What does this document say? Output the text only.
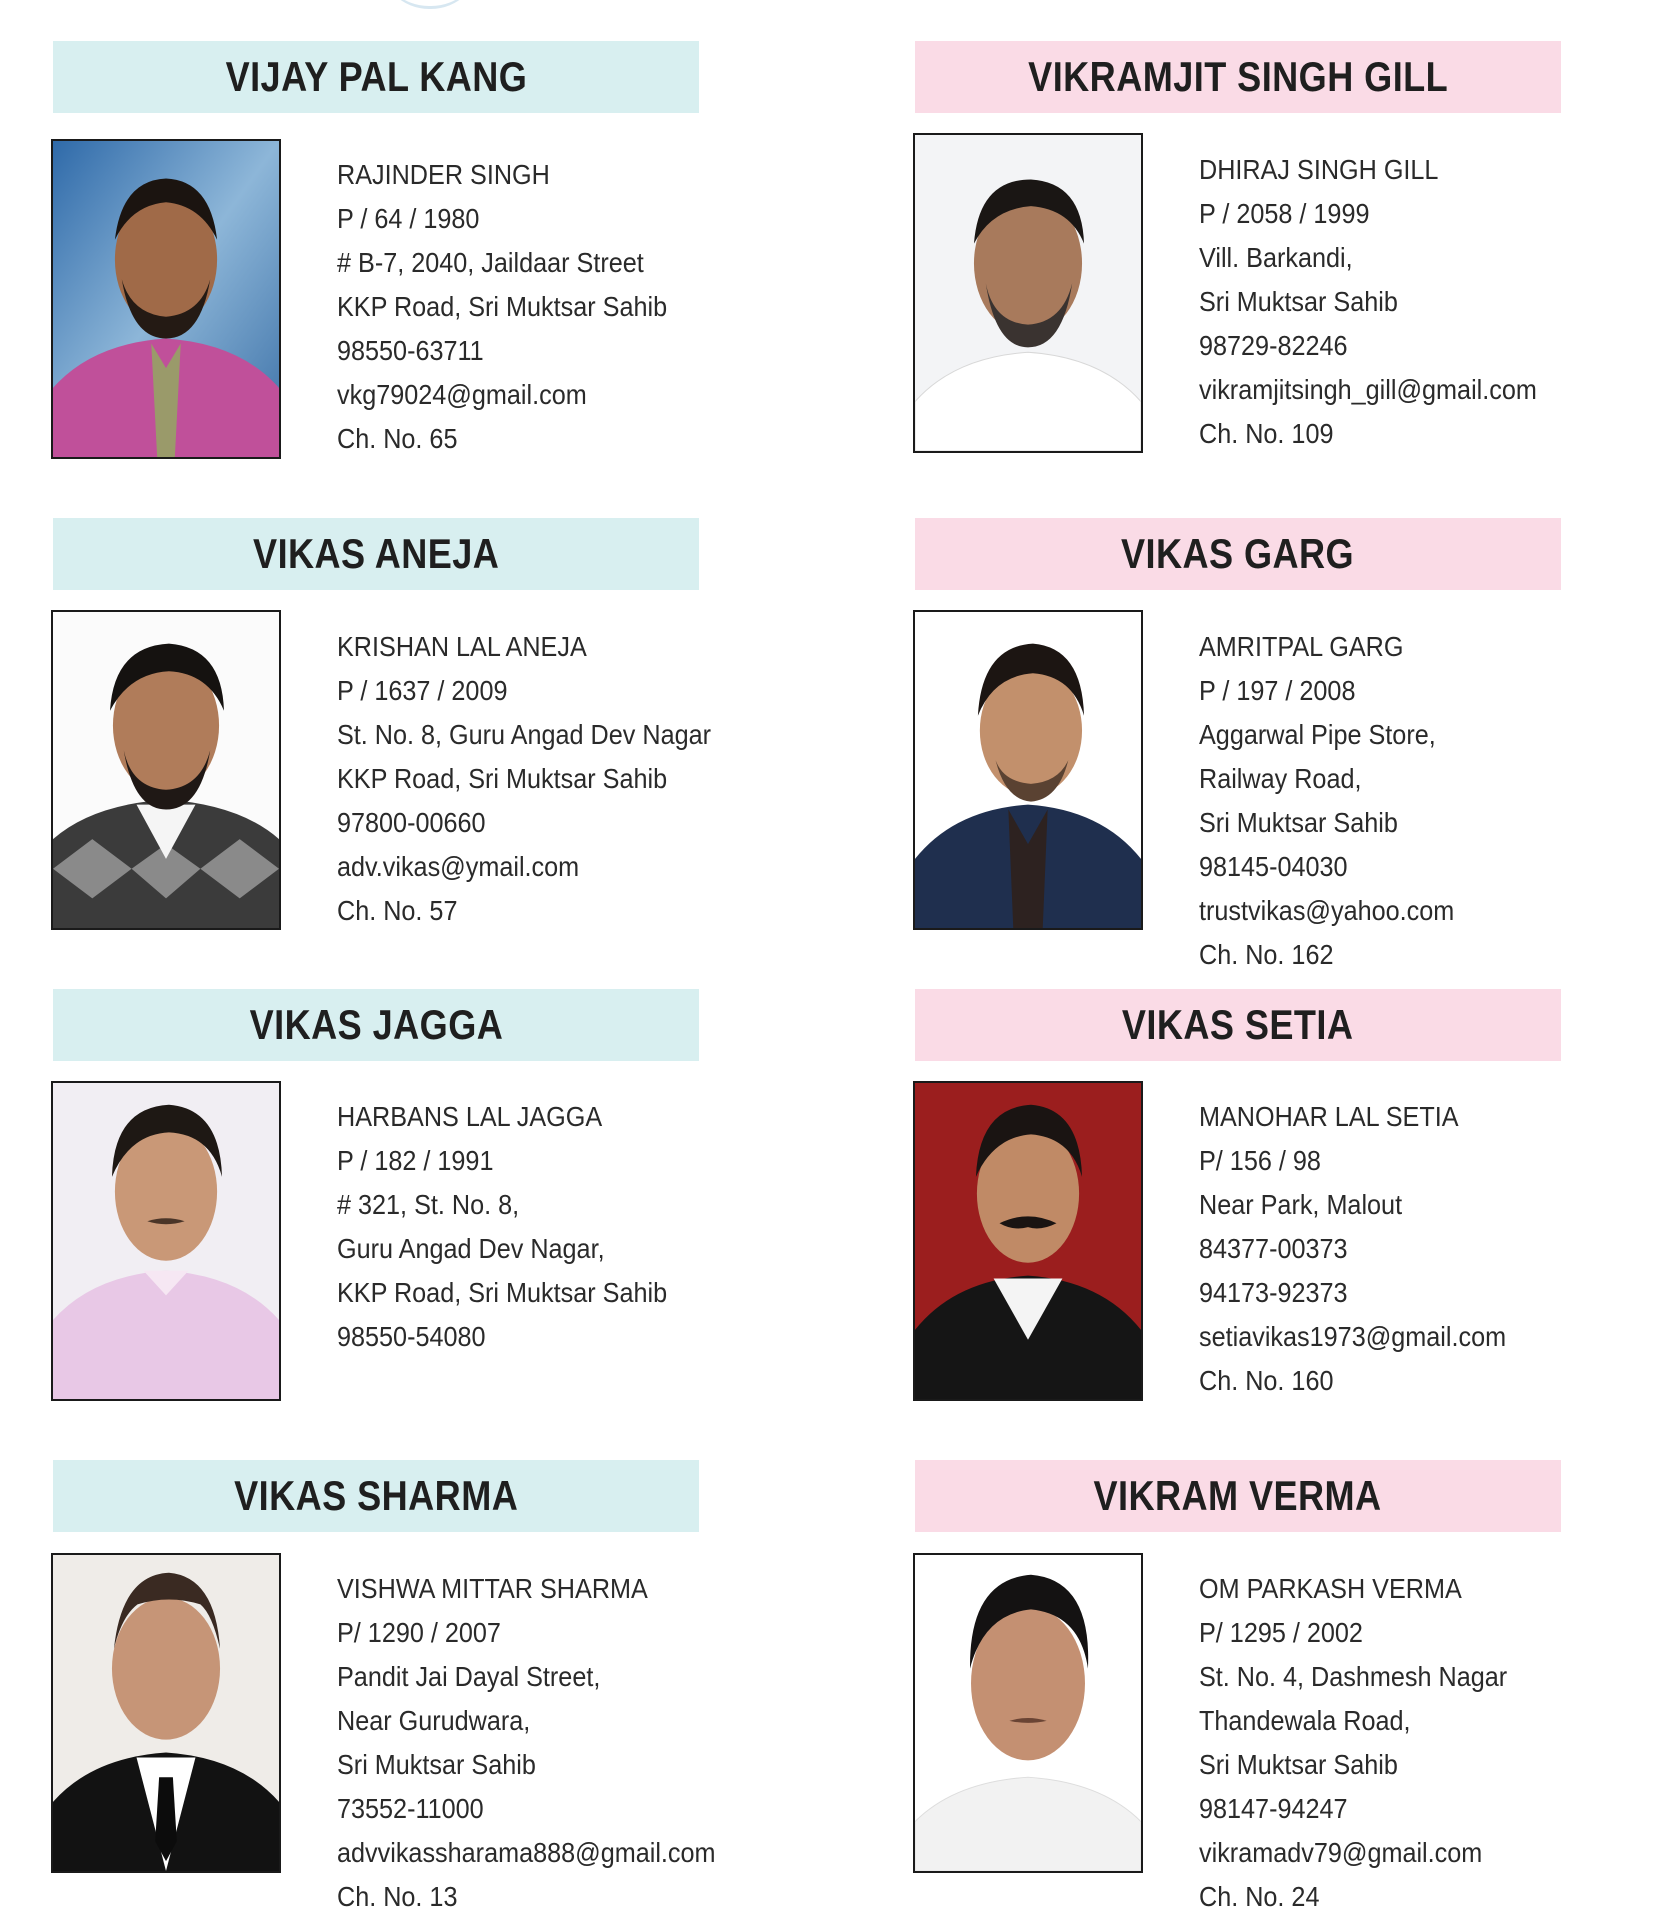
VIJAY PAL KANG
RAJINDER SINGH
P / 64 / 1980
# B-7, 2040, Jaildaar Street
KKP Road, Sri Muktsar Sahib
98550-63711
vkg79024@gmail.com
Ch. No. 65
VIKRAMJIT SINGH GILL
DHIRAJ SINGH GILL
P / 2058 / 1999
Vill. Barkandi,
Sri Muktsar Sahib
98729-82246
vikramjitsingh_gill@gmail.com
Ch. No. 109
VIKAS ANEJA
KRISHAN LAL ANEJA
P / 1637 / 2009
St. No. 8, Guru Angad Dev Nagar
KKP Road, Sri Muktsar Sahib
97800-00660
adv.vikas@ymail.com
Ch. No. 57
VIKAS GARG
AMRITPAL GARG
P / 197 / 2008
Aggarwal Pipe Store,
Railway Road,
Sri Muktsar Sahib
98145-04030
trustvikas@yahoo.com
Ch. No. 162
VIKAS JAGGA
HARBANS LAL JAGGA
P / 182 / 1991
# 321, St. No. 8,
Guru Angad Dev Nagar,
KKP Road, Sri Muktsar Sahib
98550-54080
VIKAS SETIA
MANOHAR LAL SETIA
P/ 156 / 98
Near Park, Malout
84377-00373
94173-92373
setiavikas1973@gmail.com
Ch. No. 160
VIKAS SHARMA
VISHWA MITTAR SHARMA
P/ 1290 / 2007
Pandit Jai Dayal Street,
Near Gurudwara,
Sri Muktsar Sahib
73552-11000
advvikassharama888@gmail.com
Ch. No. 13
VIKRAM VERMA
OM PARKASH VERMA
P/ 1295 / 2002
St. No. 4, Dashmesh Nagar
Thandewala Road,
Sri Muktsar Sahib
98147-94247
vikramadv79@gmail.com
Ch. No. 24
